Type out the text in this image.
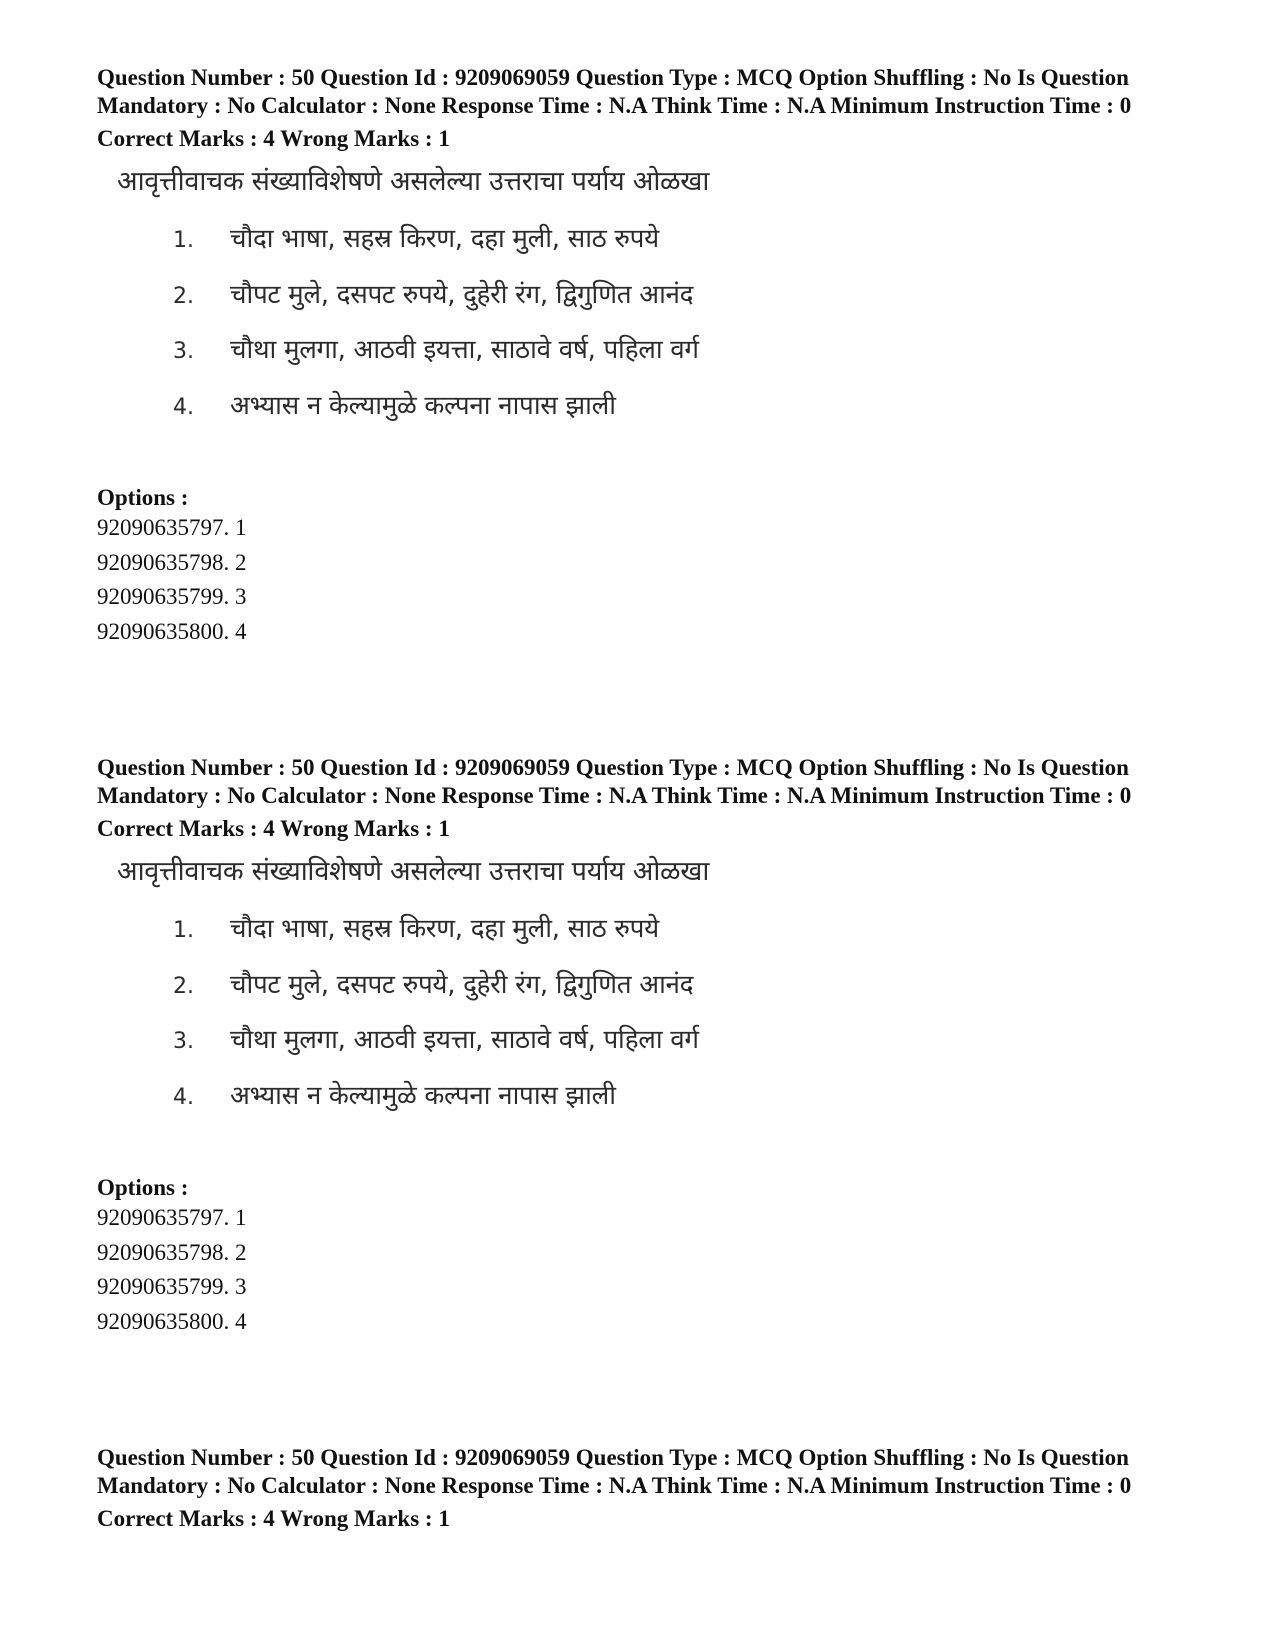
Question Number : 50 Question Id : 9209069059 Question Type : MCQ Option Shuffling : No Is Question Mandatory : No Calculator : None Response Time : N.A Think Time : N.A Minimum Instruction Time : 0
Correct Marks : 4 Wrong Marks : 1
आवृत्तीवाचक संख्याविशेषणे असलेल्या उत्तराचा पर्याय ओळखा
1. चौदा भाषा, सहस्र किरण, दहा मुली, साठ रुपये
2. चौपट मुले, दसपट रुपये, दुहेरी रंग, द्विगुणित आनंद
3. चौथा मुलगा, आठवी इयत्ता, साठावे वर्ष, पहिला वर्ग
4. अभ्यास न केल्यामुळे कल्पना नापास झाली
Options :
92090635797. 1
92090635798. 2
92090635799. 3
92090635800. 4
Question Number : 50 Question Id : 9209069059 Question Type : MCQ Option Shuffling : No Is Question Mandatory : No Calculator : None Response Time : N.A Think Time : N.A Minimum Instruction Time : 0
Correct Marks : 4 Wrong Marks : 1
आवृत्तीवाचक संख्याविशेषणे असलेल्या उत्तराचा पर्याय ओळखा
1. चौदा भाषा, सहस्र किरण, दहा मुली, साठ रुपये
2. चौपट मुले, दसपट रुपये, दुहेरी रंग, द्विगुणित आनंद
3. चौथा मुलगा, आठवी इयत्ता, साठावे वर्ष, पहिला वर्ग
4. अभ्यास न केल्यामुळे कल्पना नापास झाली
Options :
92090635797. 1
92090635798. 2
92090635799. 3
92090635800. 4
Question Number : 50 Question Id : 9209069059 Question Type : MCQ Option Shuffling : No Is Question Mandatory : No Calculator : None Response Time : N.A Think Time : N.A Minimum Instruction Time : 0
Correct Marks : 4 Wrong Marks : 1
